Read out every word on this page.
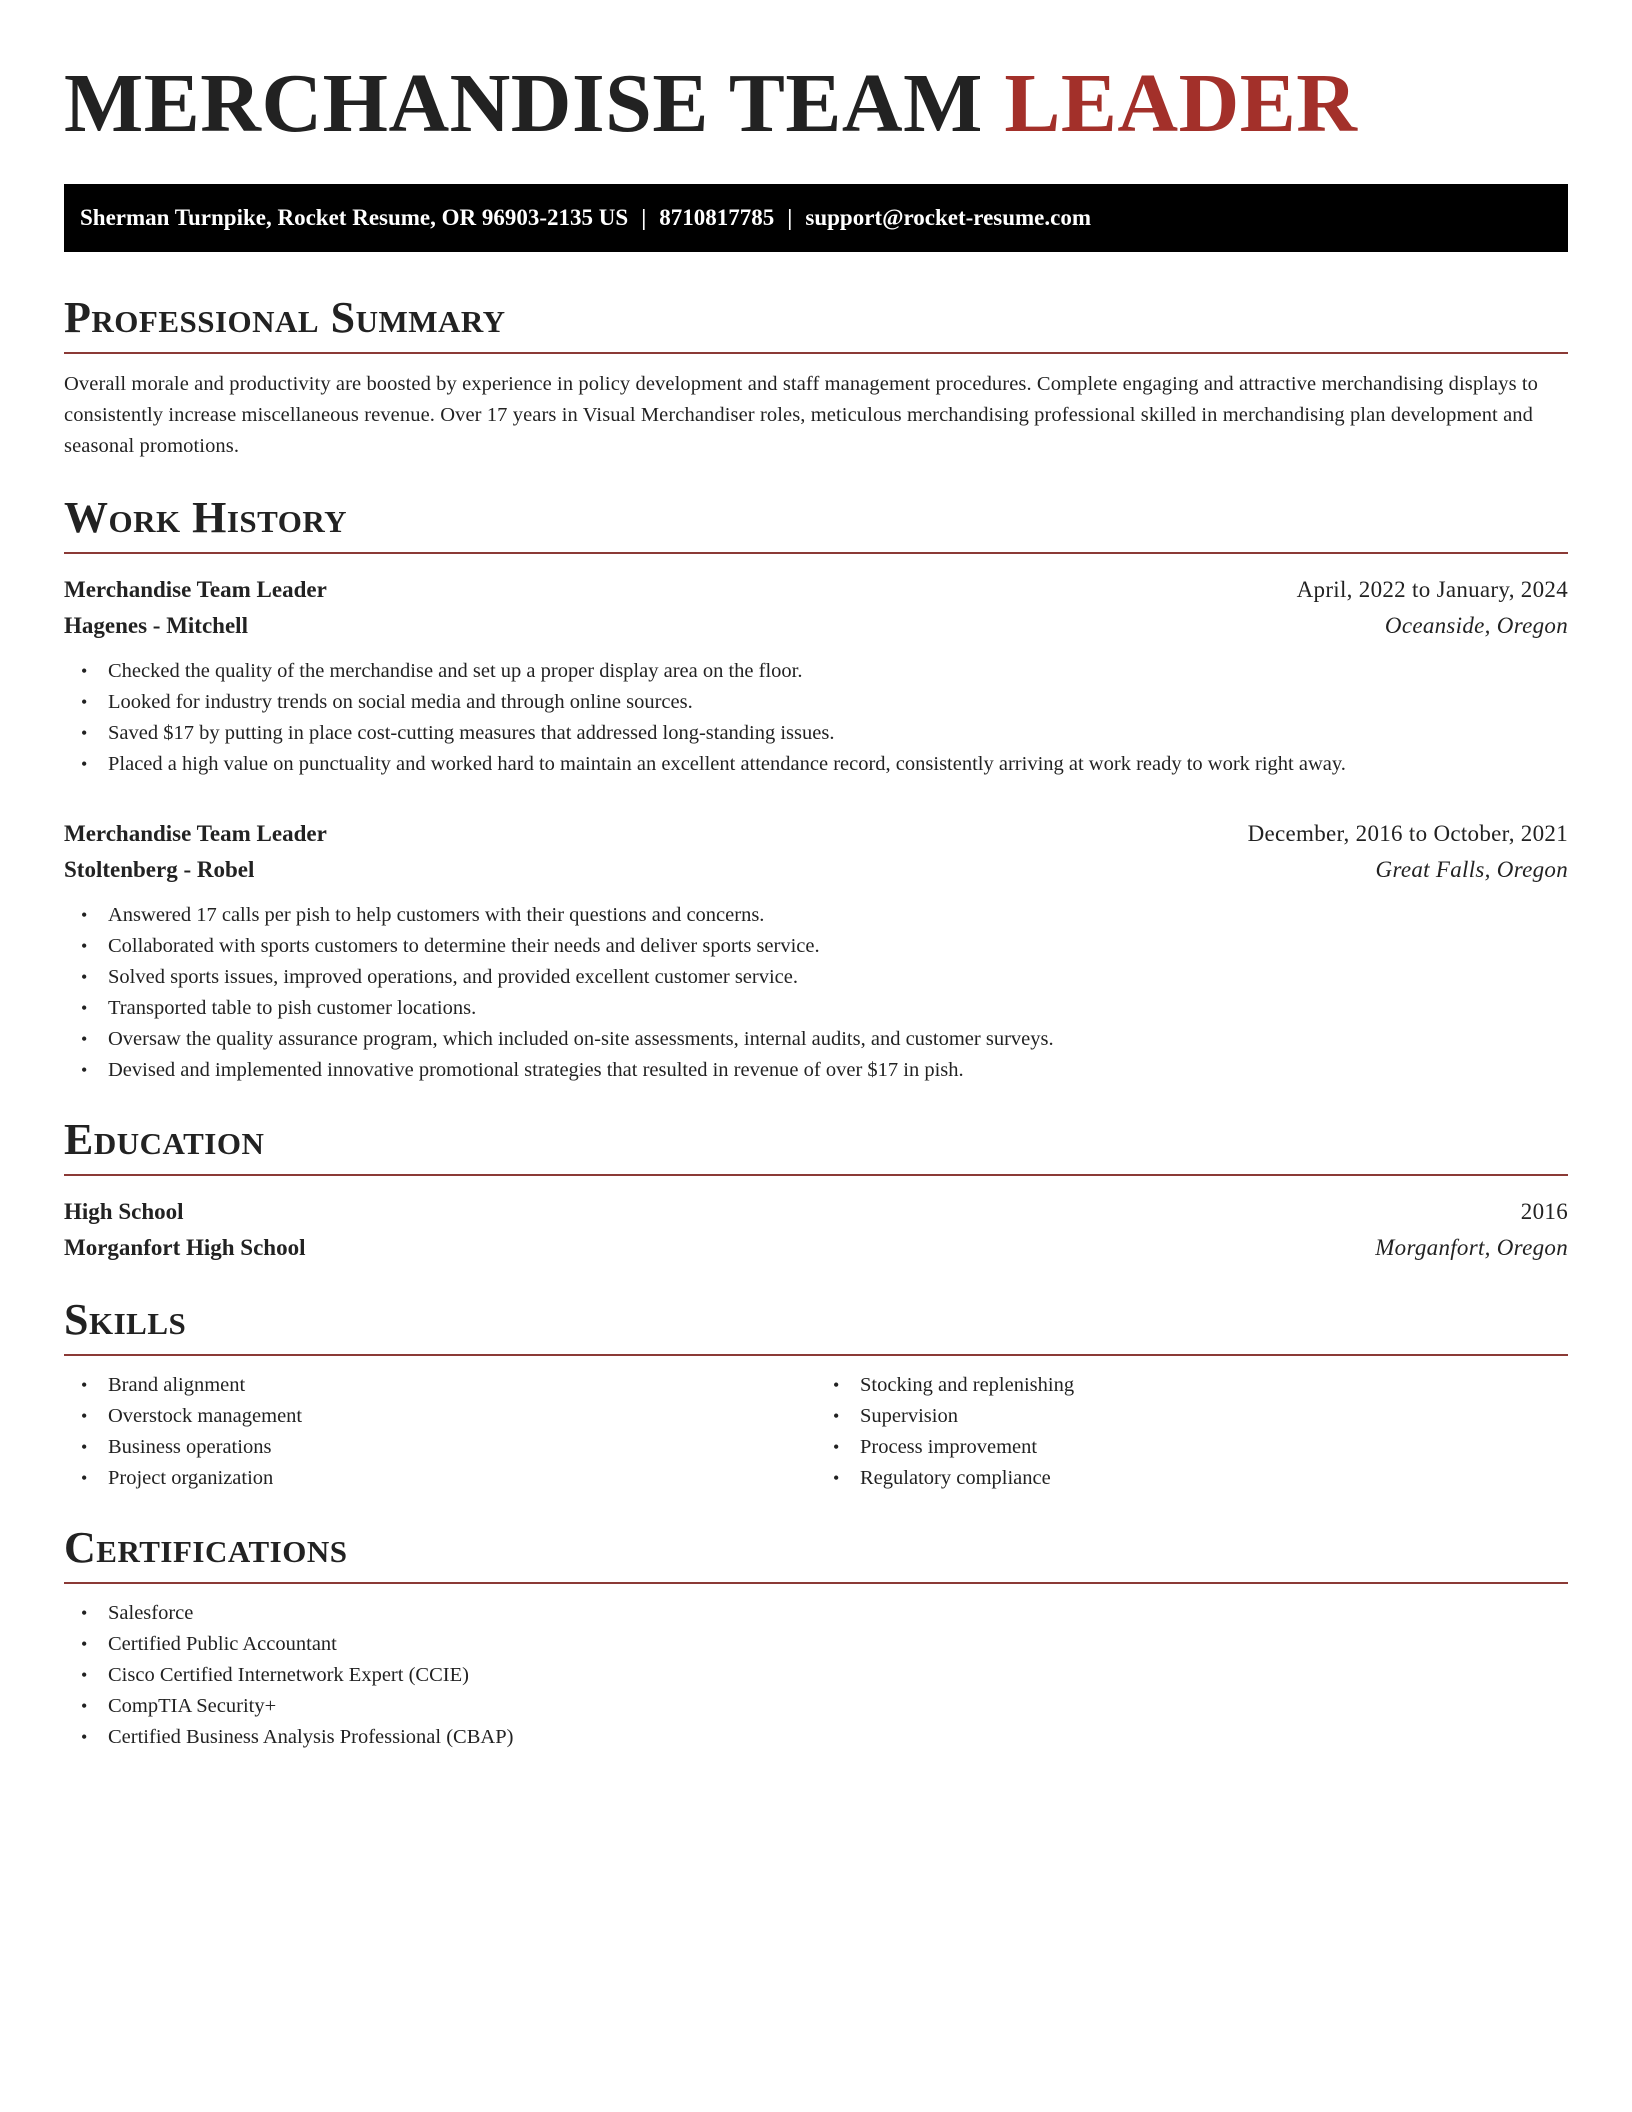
MERCHANDISE TEAM LEADER
Sherman Turnpike, Rocket Resume, OR 96903-2135 US | 8710817785 | support@rocket-resume.com
Professional Summary

Overall morale and productivity are boosted by experience in policy development and staff management procedures. Complete engaging and attractive merchandising displays to consistently increase miscellaneous revenue. Over 17 years in Visual Merchandiser roles, meticulous merchandising professional skilled in merchandising plan development and seasonal promotions.

Work History
Merchandise Team Leader	April, 2022 to January, 2024
Hagenes - Mitchell	Oceanside, Oregon
• Checked the quality of the merchandise and set up a proper display area on the floor.
• Looked for industry trends on social media and through online sources.
• Saved $17 by putting in place cost-cutting measures that addressed long-standing issues.
• Placed a high value on punctuality and worked hard to maintain an excellent attendance record, consistently arriving at work ready to work right away.
Merchandise Team Leader	December, 2016 to October, 2021
Stoltenberg - Robel	Great Falls, Oregon
• Answered 17 calls per pish to help customers with their questions and concerns.
• Collaborated with sports customers to determine their needs and deliver sports service.
• Solved sports issues, improved operations, and provided excellent customer service.
• Transported table to pish customer locations.
• Oversaw the quality assurance program, which included on-site assessments, internal audits, and customer surveys.
• Devised and implemented innovative promotional strategies that resulted in revenue of over $17 in pish.
Education
High School	2016
Morganfort High School	Morganfort, Oregon
Skills
• Brand alignment
• Overstock management
• Business operations
• Project organization
• Stocking and replenishing
• Supervision
• Process improvement
• Regulatory compliance
Certifications
• Salesforce
• Certified Public Accountant
• Cisco Certified Internetwork Expert (CCIE)
• CompTIA Security+
• Certified Business Analysis Professional (CBAP)
